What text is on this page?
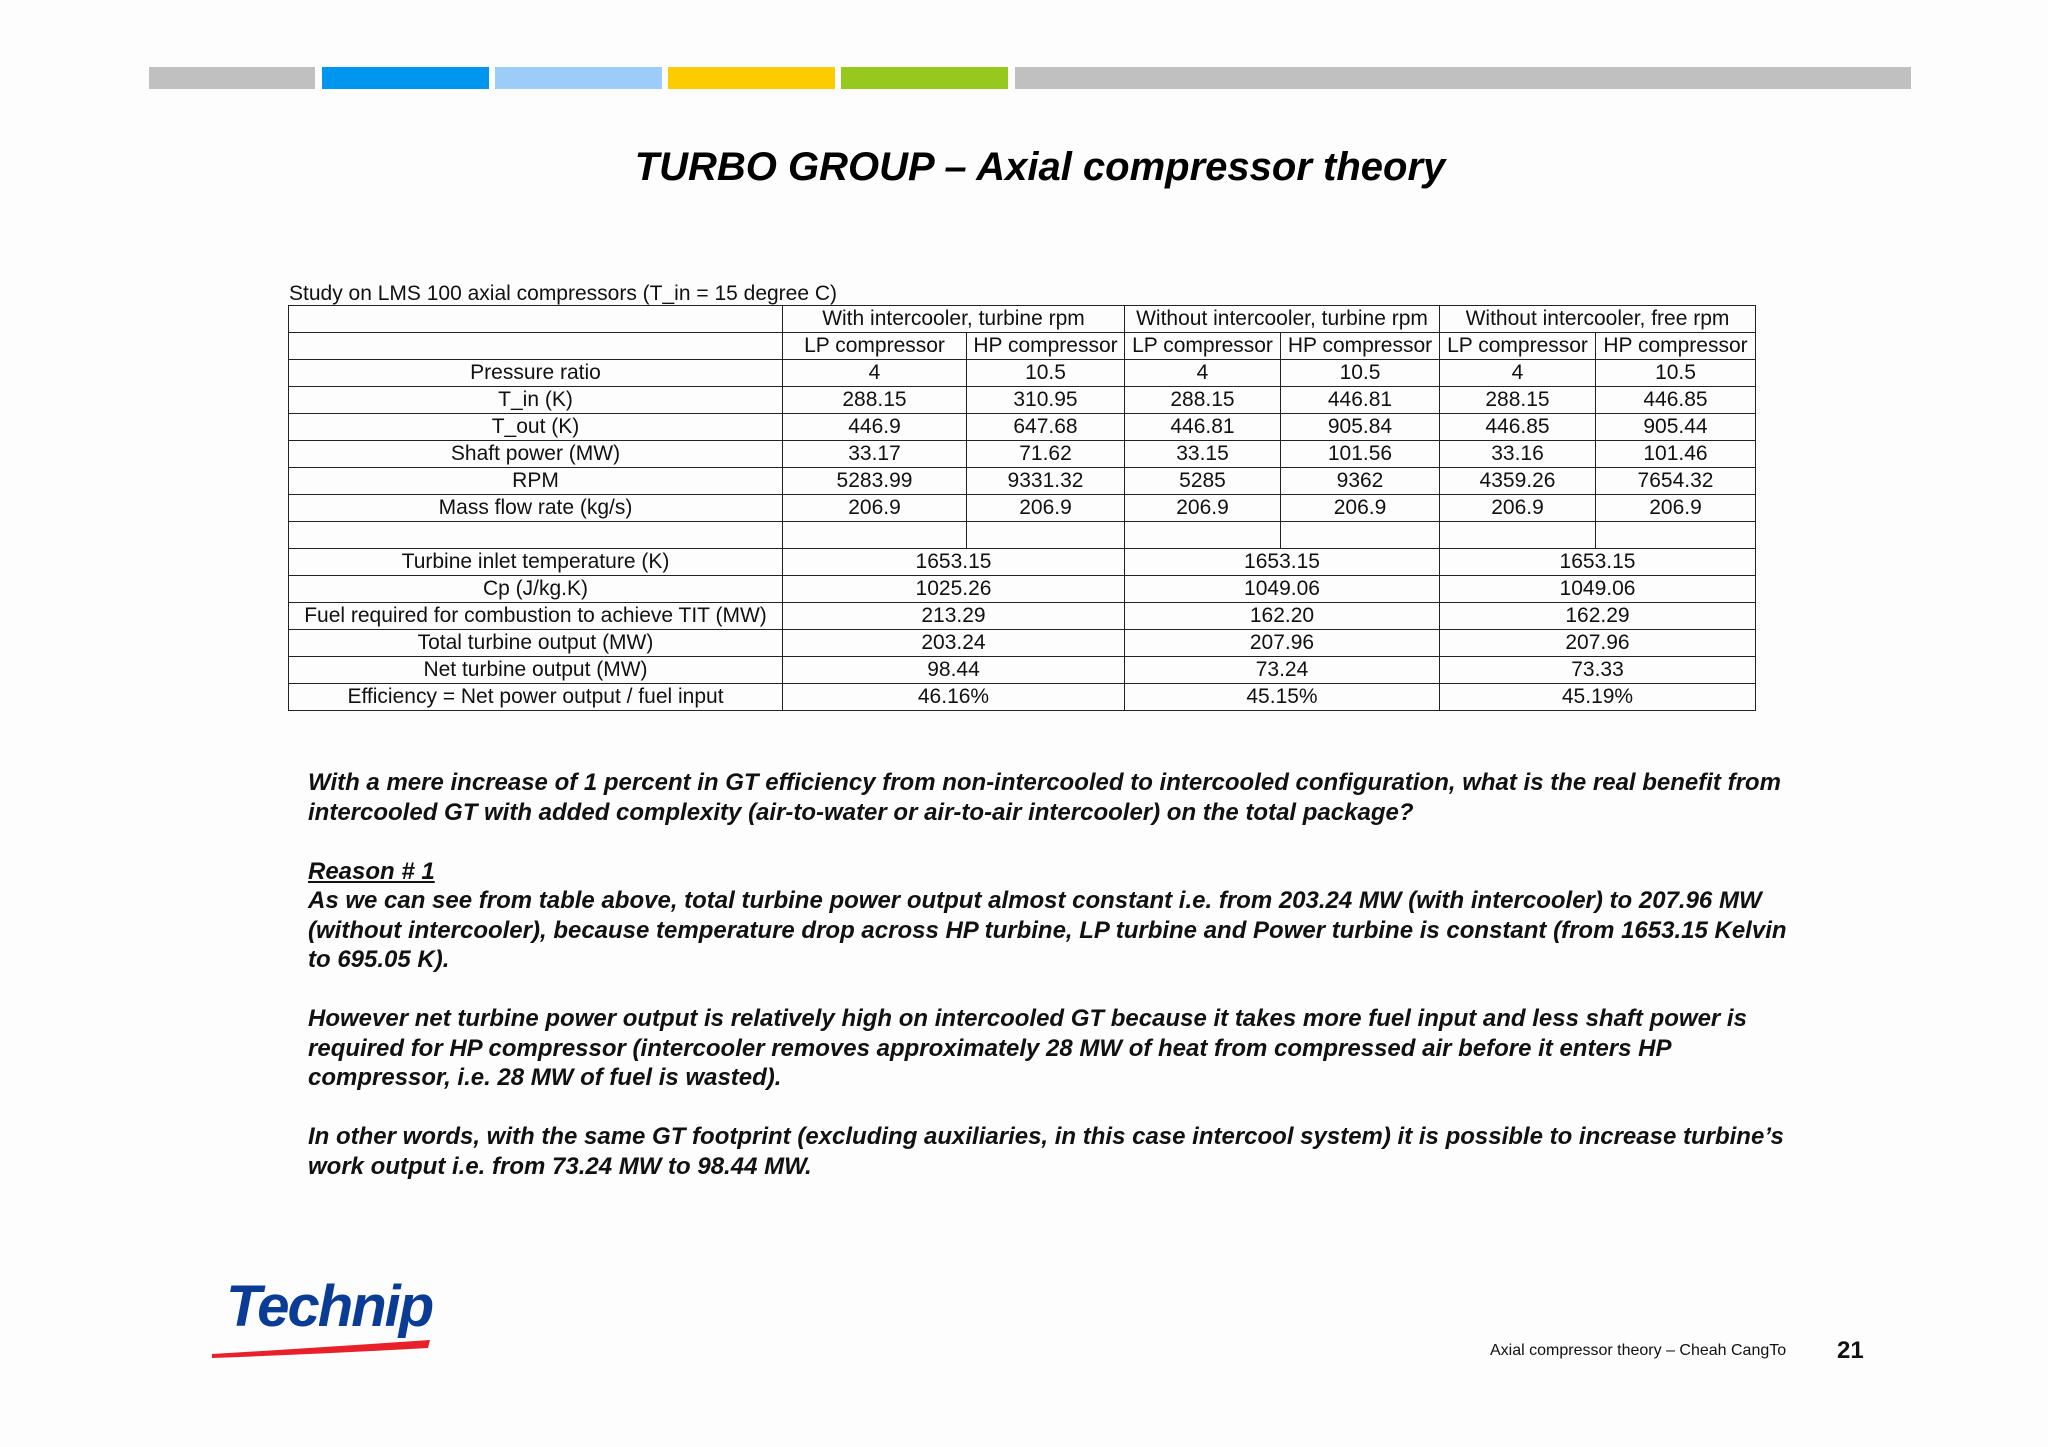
TURBO GROUP – Axial compressor theory
Study on LMS 100 axial compressors (T_in = 15 degree C)
	With intercooler, turbine rpm		Without intercooler, turbine rpm		Without intercooler, free rpm	
	LP compressor	HP compressor	LP compressor	HP compressor	LP compressor	HP compressor
Pressure ratio	4	10.5	4	10.5	4	10.5
T_in (K)	288.15	310.95	288.15	446.81	288.15	446.85
T_out (K)	446.9	647.68	446.81	905.84	446.85	905.44
Shaft power (MW)	33.17	71.62	33.15	101.56	33.16	101.46
RPM	5283.99	9331.32	5285	9362	4359.26	7654.32
Mass flow rate (kg/s)	206.9	206.9	206.9	206.9	206.9	206.9

Turbine inlet temperature (K)	1653.15		1653.15		1653.15	
Cp (J/kg.K)	1025.26		1049.06		1049.06	
Fuel required for combustion to achieve TIT (MW)	213.29		162.20		162.29	
Total turbine output (MW)	203.24		207.96		207.96	
Net turbine output (MW)	98.44		73.24		73.33	
Efficiency = Net power output / fuel input	46.16%		45.15%		45.19%	

With a mere increase of 1 percent in GT efficiency from non-intercooled to intercooled configuration, what is the real benefit from intercooled GT with added complexity (air-to-water or air-to-air intercooler) on the total package?

Reason # 1
As we can see from table above, total turbine power output almost constant i.e. from 203.24 MW (with intercooler) to 207.96 MW (without intercooler), because temperature drop across HP turbine, LP turbine and Power turbine is constant (from 1653.15 Kelvin to 695.05 K).

However net turbine power output is relatively high on intercooled GT because it takes more fuel input and less shaft power is required for HP compressor (intercooler removes approximately 28 MW of heat from compressed air before it enters HP compressor, i.e. 28 MW of fuel is wasted).

In other words, with the same GT footprint (excluding auxiliaries, in this case intercool system) it is possible to increase turbine’s work output i.e. from 73.24 MW to 98.44 MW.

Technip
Axial compressor theory – Cheah CangTo 21
